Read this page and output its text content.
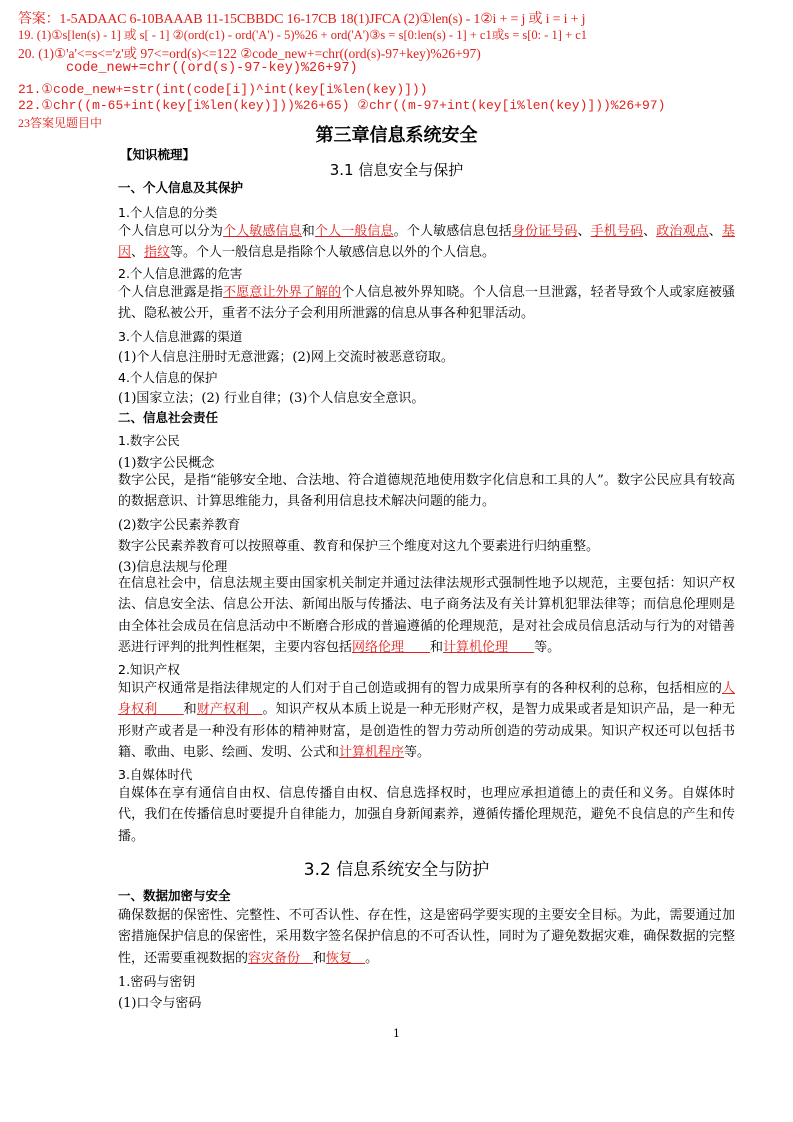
答案：1-5ADAAC 6-10BAAAB 11-15CBBDC 16-17CB 18(1)JFCA (2)①len(s) - 1②i + = j 或 i = i + j
19. (1)①s[len(s) - 1] 或 s[ - 1] ②(ord(c1) - ord('A') - 5)%26 + ord('A')③s = s[0:len(s) - 1] + c1或s = s[0: - 1] + c1
20. (1)①'a'<=s<='z'或 97<=ord(s)<=122 ②code_new+=chr((ord(s)-97+key)%26+97)
code_new+=chr((ord(s)-97-key)%26+97)
21.①code_new+=str(int(code[i])^int(key[i%len(key)]))
22.①chr((m-65+int(key[i%len(key)]))%26+65) ②chr((m-97+int(key[i%len(key)]))%26+97)
23答案见题目中
第三章信息系统安全
【知识梳理】
3.1 信息安全与保护
一、个人信息及其保护
1.个人信息的分类
个人信息可以分为个人敏感信息和个人一般信息。个人敏感信息包括身份证号码、手机号码、政治观点、基因、指纹等。个人一般信息是指除个人敏感信息以外的个人信息。
2.个人信息泄露的危害
个人信息泄露是指不愿意让外界了解的个人信息被外界知晓。个人信息一旦泄露，轻者导致个人或家庭被骚扰、隐私被公开，重者不法分子会利用所泄露的信息从事各种犯罪活动。
3.个人信息泄露的渠道
(1)个人信息注册时无意泄露；(2)网上交流时被恶意窃取。
4.个人信息的保护
(1)国家立法；(2) 行业自律；(3)个人信息安全意识。
二、信息社会责任
1.数字公民
(1)数字公民概念
数字公民，是指“能够安全地、合法地、符合道德规范地使用数字化信息和工具的人”。数字公民应具有较高的数据意识、计算思维能力，具备利用信息技术解决问题的能力。
(2)数字公民素养教育
数字公民素养教育可以按照尊重、教育和保护三个维度对这九个要素进行归纳重整。
(3)信息法规与伦理
在信息社会中，信息法规主要由国家机关制定并通过法律法规形式强制性地予以规范，主要包括：知识产权法、信息安全法、信息公开法、新闻出版与传播法、电子商务法及有关计算机犯罪法律等；而信息伦理则是由全体社会成员在信息活动中不断磨合形成的普遍遵循的伦理规范，是对社会成员信息活动与行为的对错善恶进行评判的批判性框架，主要内容包括网络伦理　　和计算机伦理　　等。
2.知识产权
知识产权通常是指法律规定的人们对于自己创造或拥有的智力成果所享有的各种权利的总称，包括相应的人身权利　　和财产权利　。知识产权从本质上说是一种无形财产权，是智力成果或者是知识产品，是一种无形财产或者是一种没有形体的精神财富，是创造性的智力劳动所创造的劳动成果。知识产权还可以包括书籍、歌曲、电影、绘画、发明、公式和计算机程序等。
3.自媒体时代
自媒体在享有通信自由权、信息传播自由权、信息选择权时，也理应承担道德上的责任和义务。自媒体时代，我们在传播信息时要提升自律能力，加强自身新闻素养，遵循传播伦理规范，避免不良信息的产生和传播。
3.2 信息系统安全与防护
一、数据加密与安全
确保数据的保密性、完整性、不可否认性、存在性，这是密码学要实现的主要安全目标。为此，需要通过加密措施保护信息的保密性，采用数字签名保护信息的不可否认性，同时为了避免数据灾难，确保数据的完整性，还需要重视数据的容灾备份　和恢复　。
1.密码与密钥
(1)口令与密码
1
